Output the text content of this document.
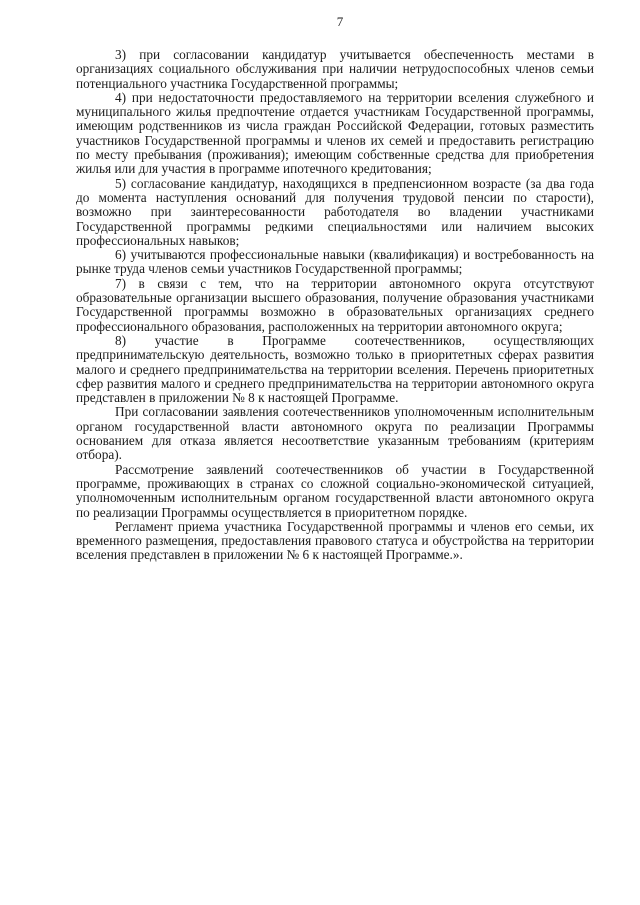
7

3) при согласовании кандидатур учитывается обеспеченность местами в организациях социального обслуживания при наличии нетрудоспособных членов семьи потенциального участника Государственной программы;

4) при недостаточности предоставляемого на территории вселения служебного и муниципального жилья предпочтение отдается участникам Государственной программы, имеющим родственников из числа граждан Российской Федерации, готовых разместить участников Государственной программы и членов их семей и предоставить регистрацию по месту пребывания (проживания); имеющим собственные средства для приобретения жилья или для участия в программе ипотечного кредитования;

5) согласование кандидатур, находящихся в предпенсионном возрасте (за два года до момента наступления оснований для получения трудовой пенсии по старости), возможно при заинтересованности работодателя во владении участниками Государственной программы редкими специальностями или наличием высоких профессиональных навыков;

6) учитываются профессиональные навыки (квалификация) и востребованность на рынке труда членов семьи участников Государственной программы;

7) в связи с тем, что на территории автономного округа отсутствуют образовательные организации высшего образования, получение образования участниками Государственной программы возможно в образовательных организациях среднего профессионального образования, расположенных на территории автономного округа;

8) участие в Программе соотечественников, осуществляющих предпринимательскую деятельность, возможно только в приоритетных сферах развития малого и среднего предпринимательства на территории вселения. Перечень приоритетных сфер развития малого и среднего предпринимательства на территории автономного округа представлен в приложении № 8 к настоящей Программе.

При согласовании заявления соотечественников уполномоченным исполнительным органом государственной власти автономного округа по реализации Программы основанием для отказа является несоответствие указанным требованиям (критериям отбора).

Рассмотрение заявлений соотечественников об участии в Государственной программе, проживающих в странах со сложной социально-экономической ситуацией, уполномоченным исполнительным органом государственной власти автономного округа по реализации Программы осуществляется в приоритетном порядке.

Регламент приема участника Государственной программы и членов его семьи, их временного размещения, предоставления правового статуса и обустройства на территории вселения представлен в приложении № 6 к настоящей Программе.».
